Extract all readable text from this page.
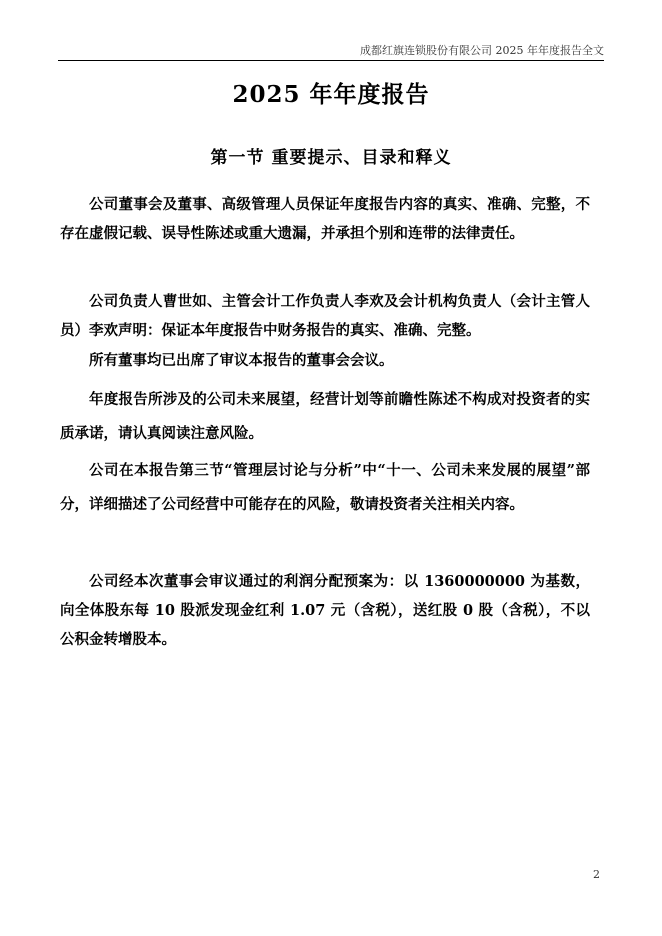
成都红旗连锁股份有限公司 2025 年年度报告全文
2025 年年度报告
第一节 重要提示、目录和释义
公司董事会及董事、高级管理人员保证年度报告内容的真实、准确、完整，不存在虚假记载、误导性陈述或重大遗漏，并承担个别和连带的法律责任。
公司负责人曹世如、主管会计工作负责人李欢及会计机构负责人（会计主管人员）李欢声明：保证本年度报告中财务报告的真实、准确、完整。
所有董事均已出席了审议本报告的董事会会议。
年度报告所涉及的公司未来展望，经营计划等前瞻性陈述不构成对投资者的实质承诺，请认真阅读注意风险。
公司在本报告第三节“管理层讨论与分析”中“十一、公司未来发展的展望”部分，详细描述了公司经营中可能存在的风险，敬请投资者关注相关内容。
公司经本次董事会审议通过的利润分配预案为：以 1360000000 为基数，向全体股东每 10 股派发现金红利 1.07 元（含税），送红股 0 股（含税），不以公积金转增股本。
2
